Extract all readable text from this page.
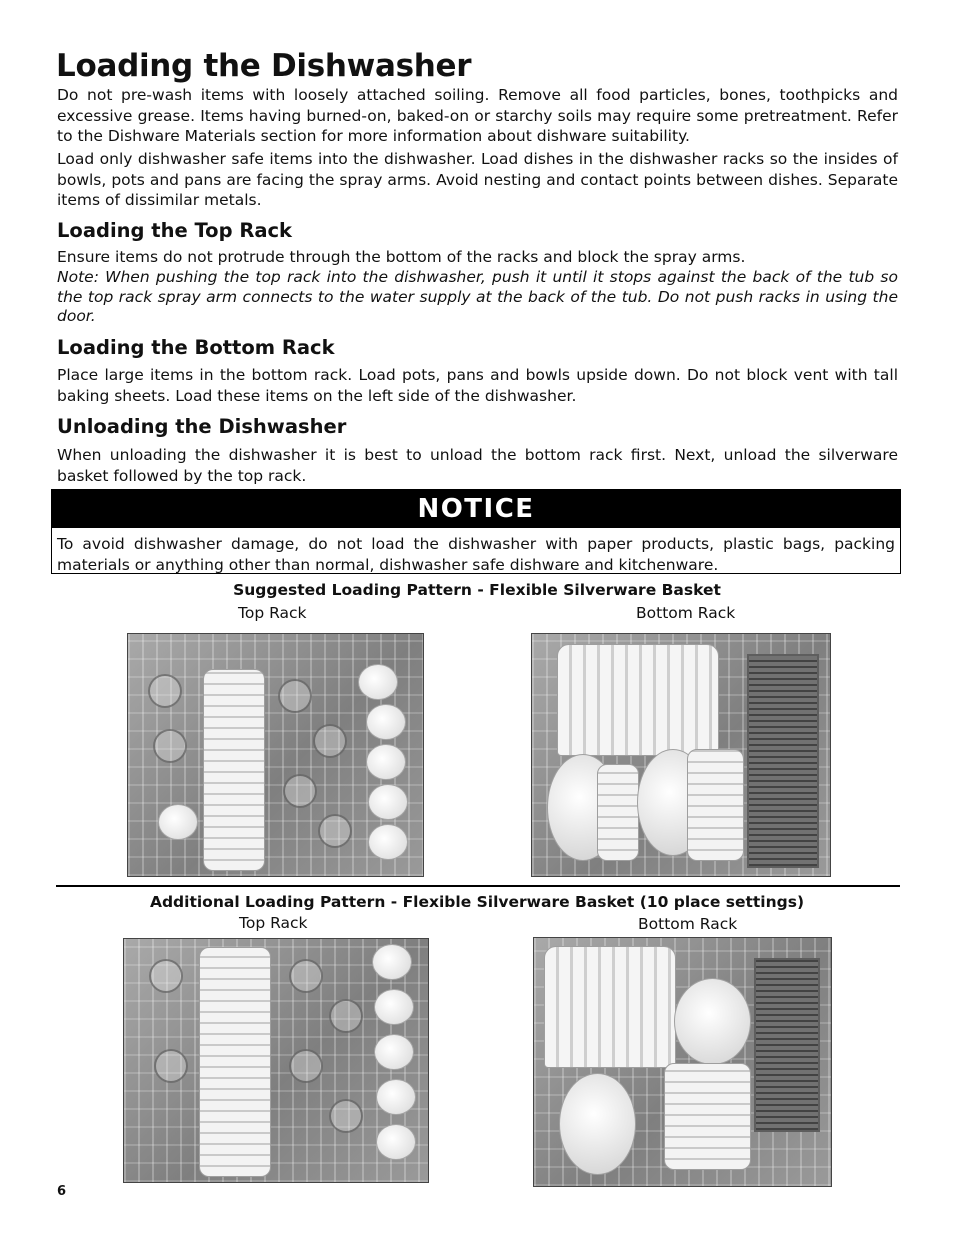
Loading the Dishwasher

Do not pre-wash items with loosely attached soiling. Remove all food particles, bones, toothpicks and excessive grease. Items having burned-on, baked-on or starchy soils may require some pretreatment. Refer to the Dishware Materials section for more information about dishware suitability.

Load only dishwasher safe items into the dishwasher. Load dishes in the dishwasher racks so the insides of bowls, pots and pans are facing the spray arms. Avoid nesting and contact points between dishes. Separate items of dissimilar metals.

Loading the Top Rack

Ensure items do not protrude through the bottom of the racks and block the spray arms.

Note: When pushing the top rack into the dishwasher, push it until it stops against the back of the tub so the top rack spray arm connects to the water supply at the back of the tub. Do not push racks in using the door.

Loading the Bottom Rack

Place large items in the bottom rack. Load pots, pans and bowls upside down. Do not block vent with tall baking sheets. Load these items on the left side of the dishwasher.

Unloading the Dishwasher

When unloading the dishwasher it is best to unload the bottom rack first. Next, unload the silverware basket followed by the top rack.

NOTICE
To avoid dishwasher damage, do not load the dishwasher with paper products, plastic bags, packing materials or anything other than normal, dishwasher safe dishware and kitchenware.
Suggested Loading Pattern - Flexible Silverware Basket
Top Rack	Bottom Rack
Additional Loading Pattern - Flexible Silverware Basket (10 place settings)
Top Rack	Bottom Rack
6
